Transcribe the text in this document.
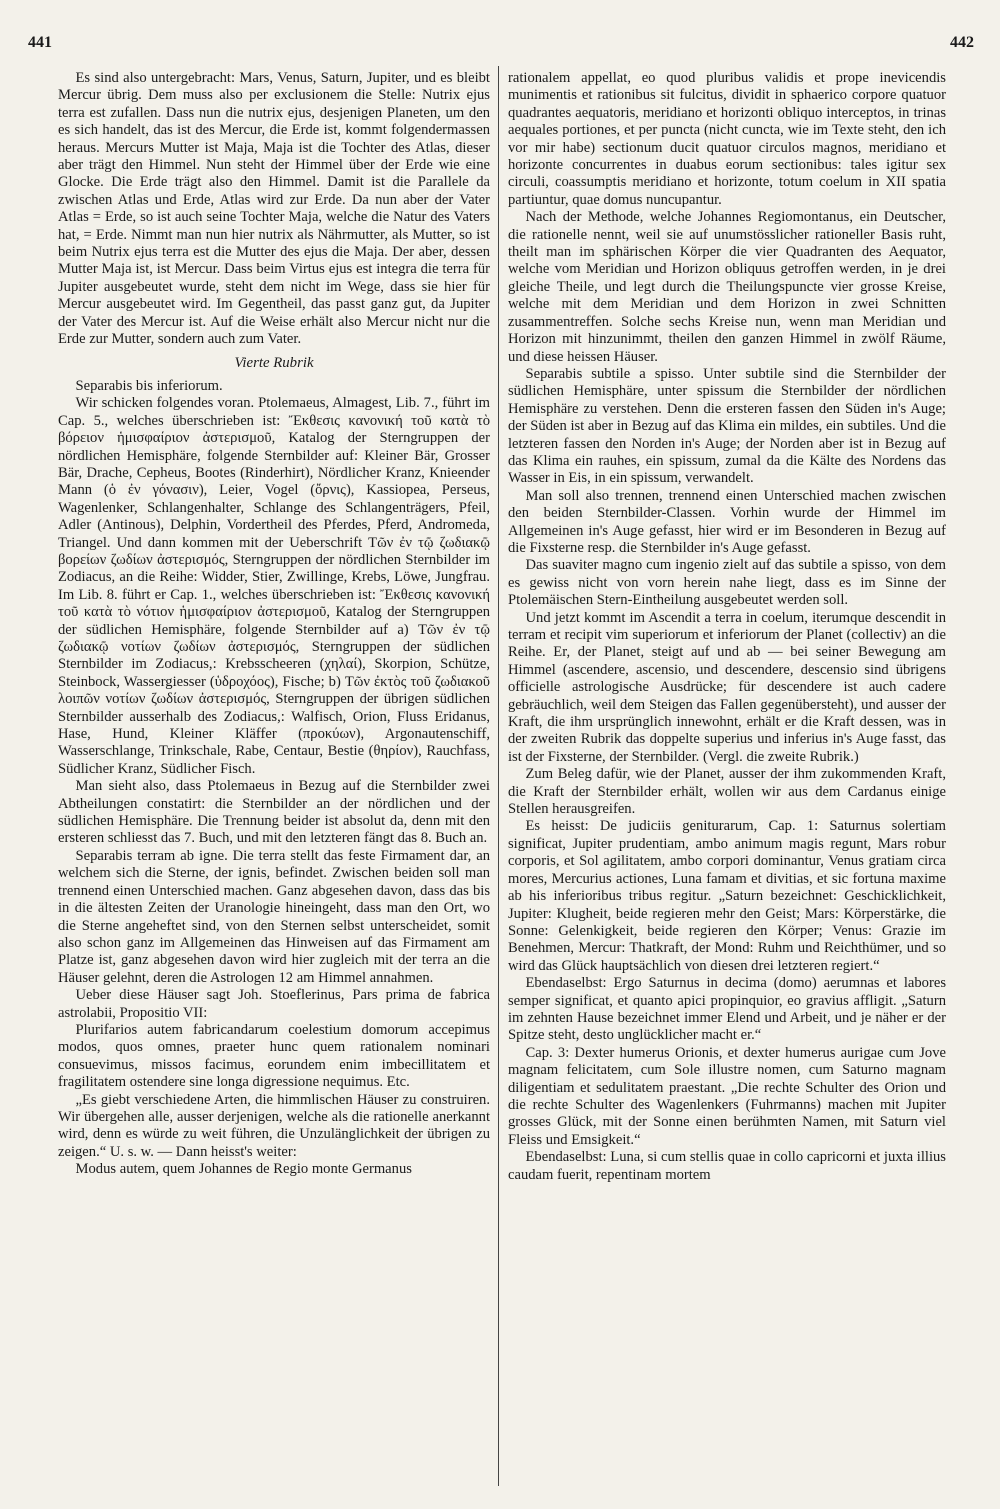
441	442

Es sind also untergebracht: Mars, Venus, Saturn, Jupiter, und es bleibt Mercur übrig. Dem muss also per exclusionem die Stelle: Nutrix ejus terra est zufallen. Dass nun die nutrix ejus, desjenigen Planeten, um den es sich handelt, das ist des Mercur, die Erde ist, kommt folgendermassen heraus. Mercurs Mutter ist Maja, Maja ist die Tochter des Atlas, dieser aber trägt den Himmel. Nun steht der Himmel über der Erde wie eine Glocke. Die Erde trägt also den Himmel. Damit ist die Parallele da zwischen Atlas und Erde, Atlas wird zur Erde. Da nun aber der Vater Atlas = Erde, so ist auch seine Tochter Maja, welche die Natur des Vaters hat, = Erde. Nimmt man nun hier nutrix als Nährmutter, als Mutter, so ist beim Nutrix ejus terra est die Mutter des ejus die Maja. Der aber, dessen Mutter Maja ist, ist Mercur. Dass beim Virtus ejus est integra die terra für Jupiter ausgebeutet wurde, steht dem nicht im Wege, dass sie hier für Mercur ausgebeutet wird. Im Gegentheil, das passt ganz gut, da Jupiter der Vater des Mercur ist. Auf die Weise erhält also Mercur nicht nur die Erde zur Mutter, sondern auch zum Vater.

Vierte Rubrik

Separabis bis inferiorum.

Wir schicken folgendes voran. Ptolemaeus, Almagest, Lib. 7., führt im Cap. 5., welches überschrieben ist: Ἔκθεσις κανονική τοῦ κατὰ τὸ βόρειον ἡμισφαίριον ἀστερισμοῦ, Katalog der Sterngruppen der nördlichen Hemisphäre, folgende Sternbilder auf: Kleiner Bär, Grosser Bär, Drache, Cepheus, Bootes (Rinderhirt), Nördlicher Kranz, Knieender Mann (ὁ ἐν γόνασιν), Leier, Vogel (ὄρνις), Kassiopea, Perseus, Wagenlenker, Schlangenhalter, Schlange des Schlangenträgers, Pfeil, Adler (Antinous), Delphin, Vordertheil des Pferdes, Pferd, Andromeda, Triangel. Und dann kommen mit der Ueberschrift Τῶν ἐν τῷ ζωδιακῷ βορείων ζωδίων ἀστερισμός, Sterngruppen der nördlichen Sternbilder im Zodiacus, an die Reihe: Widder, Stier, Zwillinge, Krebs, Löwe, Jungfrau. Im Lib. 8. führt er Cap. 1., welches überschrieben ist: Ἔκθεσις κανονική τοῦ κατὰ τὸ νότιον ἡμισφαίριον ἀστερισμοῦ, Katalog der Sterngruppen der südlichen Hemisphäre, folgende Sternbilder auf a) Τῶν ἐν τῷ ζωδιακῷ νοτίων ζωδίων ἀστερισμός, Sterngruppen der südlichen Sternbilder im Zodiacus,: Krebsscheeren (χηλαί), Skorpion, Schütze, Steinbock, Wassergiesser (ὑδροχόος), Fische; b) Τῶν ἐκτὸς τοῦ ζωδιακοῦ λοιπῶν νοτίων ζωδίων ἀστερισμός, Sterngruppen der übrigen südlichen Sternbilder ausserhalb des Zodiacus,: Walfisch, Orion, Fluss Eridanus, Hase, Hund, Kleiner Kläffer (προκύων), Argonautenschiff, Wasserschlange, Trinkschale, Rabe, Centaur, Bestie (θηρίον), Rauchfass, Südlicher Kranz, Südlicher Fisch.

Man sieht also, dass Ptolemaeus in Bezug auf die Sternbilder zwei Abtheilungen constatirt: die Sternbilder an der nördlichen und der südlichen Hemisphäre. Die Trennung beider ist absolut da, denn mit den ersteren schliesst das 7. Buch, und mit den letzteren fängt das 8. Buch an.

Separabis terram ab igne. Die terra stellt das feste Firmament dar, an welchem sich die Sterne, der ignis, befindet. Zwischen beiden soll man trennend einen Unterschied machen. Ganz abgesehen davon, dass das bis in die ältesten Zeiten der Uranologie hineingeht, dass man den Ort, wo die Sterne angeheftet sind, von den Sternen selbst unterscheidet, somit also schon ganz im Allgemeinen das Hinweisen auf das Firmament am Platze ist, ganz abgesehen davon wird hier zugleich mit der terra an die Häuser gelehnt, deren die Astrologen 12 am Himmel annahmen.

Ueber diese Häuser sagt Joh. Stoeflerinus, Pars prima de fabrica astrolabii, Propositio VII:

Plurifarios autem fabricandarum coelestium domorum accepimus modos, quos omnes, praeter hunc quem rationalem nominari consuevimus, missos facimus, eorundem enim imbecillitatem et fragilitatem ostendere sine longa digressione nequimus. Etc.

„Es giebt verschiedene Arten, die himmlischen Häuser zu construiren. Wir übergehen alle, ausser derjenigen, welche als die rationelle anerkannt wird, denn es würde zu weit führen, die Unzulänglichkeit der übrigen zu zeigen.“ U. s. w. — Dann heisst's weiter:

Modus autem, quem Johannes de Regio monte Germanus

rationalem appellat, eo quod pluribus validis et prope inevicendis munimentis et rationibus sit fulcitus, dividit in sphaerico corpore quatuor quadrantes aequatoris, meridiano et horizonti obliquo interceptos, in trinas aequales portiones, et per puncta (nicht cuncta, wie im Texte steht, den ich vor mir habe) sectionum ducit quatuor circulos magnos, meridiano et horizonte concurrentes in duabus eorum sectionibus: tales igitur sex circuli, coassumptis meridiano et horizonte, totum coelum in XII spatia partiuntur, quae domus nuncupantur.

Nach der Methode, welche Johannes Regiomontanus, ein Deutscher, die rationelle nennt, weil sie auf unumstösslicher rationeller Basis ruht, theilt man im sphärischen Körper die vier Quadranten des Aequator, welche vom Meridian und Horizon obliquus getroffen werden, in je drei gleiche Theile, und legt durch die Theilungspuncte vier grosse Kreise, welche mit dem Meridian und dem Horizon in zwei Schnitten zusammentreffen. Solche sechs Kreise nun, wenn man Meridian und Horizon mit hinzunimmt, theilen den ganzen Himmel in zwölf Räume, und diese heissen Häuser.

Separabis subtile a spisso. Unter subtile sind die Sternbilder der südlichen Hemisphäre, unter spissum die Sternbilder der nördlichen Hemisphäre zu verstehen. Denn die ersteren fassen den Süden in's Auge; der Süden ist aber in Bezug auf das Klima ein mildes, ein subtiles. Und die letzteren fassen den Norden in's Auge; der Norden aber ist in Bezug auf das Klima ein rauhes, ein spissum, zumal da die Kälte des Nordens das Wasser in Eis, in ein spissum, verwandelt.

Man soll also trennen, trennend einen Unterschied machen zwischen den beiden Sternbilder-Classen. Vorhin wurde der Himmel im Allgemeinen in's Auge gefasst, hier wird er im Besonderen in Bezug auf die Fixsterne resp. die Sternbilder in's Auge gefasst.

Das suaviter magno cum ingenio zielt auf das subtile a spisso, von dem es gewiss nicht von vorn herein nahe liegt, dass es im Sinne der Ptolemäischen Stern-Eintheilung ausgebeutet werden soll.

Und jetzt kommt im Ascendit a terra in coelum, iterumque descendit in terram et recipit vim superiorum et inferiorum der Planet (collectiv) an die Reihe. Er, der Planet, steigt auf und ab — bei seiner Bewegung am Himmel (ascendere, ascensio, und descendere, descensio sind übrigens officielle astrologische Ausdrücke; für descendere ist auch cadere gebräuchlich, weil dem Steigen das Fallen gegenübersteht), und ausser der Kraft, die ihm ursprünglich innewohnt, erhält er die Kraft dessen, was in der zweiten Rubrik das doppelte superius und inferius in's Auge fasst, das ist der Fixsterne, der Sternbilder. (Vergl. die zweite Rubrik.)

Zum Beleg dafür, wie der Planet, ausser der ihm zukommenden Kraft, die Kraft der Sternbilder erhält, wollen wir aus dem Cardanus einige Stellen herausgreifen.

Es heisst: De judiciis geniturarum, Cap. 1: Saturnus solertiam significat, Jupiter prudentiam, ambo animum magis regunt, Mars robur corporis, et Sol agilitatem, ambo corpori dominantur, Venus gratiam circa mores, Mercurius actiones, Luna famam et divitias, et sic fortuna maxime ab his inferioribus tribus regitur. „Saturn bezeichnet: Geschicklichkeit, Jupiter: Klugheit, beide regieren mehr den Geist; Mars: Körperstärke, die Sonne: Gelenkigkeit, beide regieren den Körper; Venus: Grazie im Benehmen, Mercur: Thatkraft, der Mond: Ruhm und Reichthümer, und so wird das Glück hauptsächlich von diesen drei letzteren regiert.“

Ebendaselbst: Ergo Saturnus in decima (domo) aerumnas et labores semper significat, et quanto apici propinquior, eo gravius affligit. „Saturn im zehnten Hause bezeichnet immer Elend und Arbeit, und je näher er der Spitze steht, desto unglücklicher macht er.“

Cap. 3: Dexter humerus Orionis, et dexter humerus aurigae cum Jove magnam felicitatem, cum Sole illustre nomen, cum Saturno magnam diligentiam et sedulitatem praestant. „Die rechte Schulter des Orion und die rechte Schulter des Wagenlenkers (Fuhrmanns) machen mit Jupiter grosses Glück, mit der Sonne einen berühmten Namen, mit Saturn viel Fleiss und Emsigkeit.“

Ebendaselbst: Luna, si cum stellis quae in collo capricorni et juxta illius caudam fuerit, repentinam mortem
